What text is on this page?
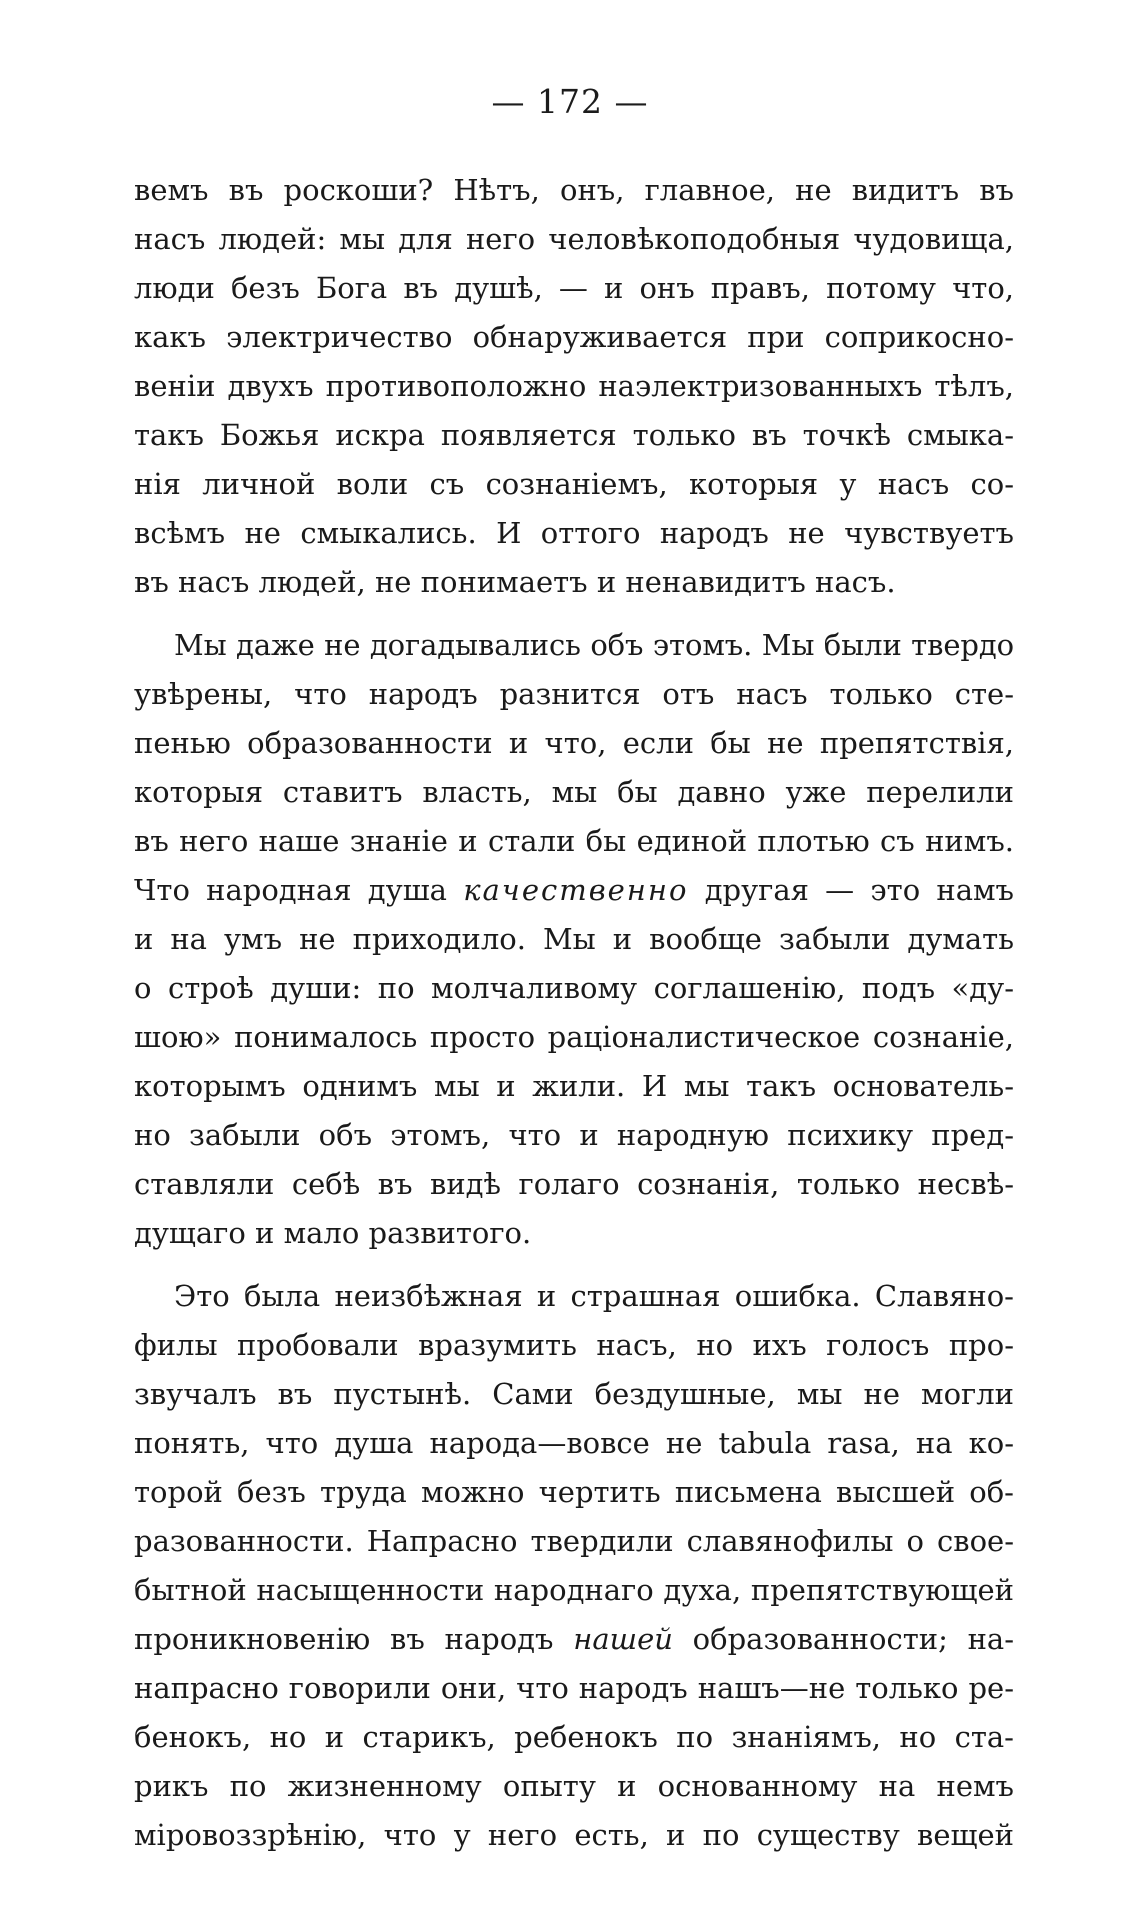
— 172 —
вемъ въ роскоши? Нѣтъ, онъ, главное, не видитъ въ
насъ людей: мы для него человѣкоподобныя чудовища,
люди безъ Бога въ душѣ, — и онъ правъ, потому что,
какъ электричество обнаруживается при соприкосно-
веніи двухъ противоположно наэлектризованныхъ тѣлъ,
такъ Божья искра появляется только въ точкѣ смыка-
нія личной воли съ сознаніемъ, которыя у насъ со-
всѣмъ не смыкались. И оттого народъ не чувствуетъ
въ насъ людей, не понимаетъ и ненавидитъ насъ.
Мы даже не догадывались объ этомъ. Мы были твердо
увѣрены, что народъ разнится отъ насъ только сте-
пенью образованности и что, если бы не препятствія,
которыя ставитъ власть, мы бы давно уже перелили
въ него наше знаніе и стали бы единой плотью съ нимъ.
Что народная душа качественно другая — это намъ
и на умъ не приходило. Мы и вообще забыли думать
о строѣ души: по молчаливому соглашенію, подъ «ду-
шою» понималось просто раціоналистическое сознаніе,
которымъ однимъ мы и жили. И мы такъ основатель-
но забыли объ этомъ, что и народную психику пред-
ставляли себѣ въ видѣ голаго сознанія, только несвѣ-
дущаго и мало развитого.
Это была неизбѣжная и страшная ошибка. Славяно-
филы пробовали вразумить насъ, но ихъ голосъ про-
звучалъ въ пустынѣ. Сами бездушные, мы не могли
понять, что душа народа—вовсе не tabula rasa, на ко-
торой безъ труда можно чертить письмена высшей об-
разованности. Напрасно твердили славянофилы о свое-
бытной насыщенности народнаго духа, препятствующей
проникновенію въ народъ нашей образованности; на-
напрасно говорили они, что народъ нашъ—не только ре-
бенокъ, но и старикъ, ребенокъ по знаніямъ, но ста-
рикъ по жизненному опыту и основанному на немъ
міровоззрѣнію, что у него есть, и по существу вещей
